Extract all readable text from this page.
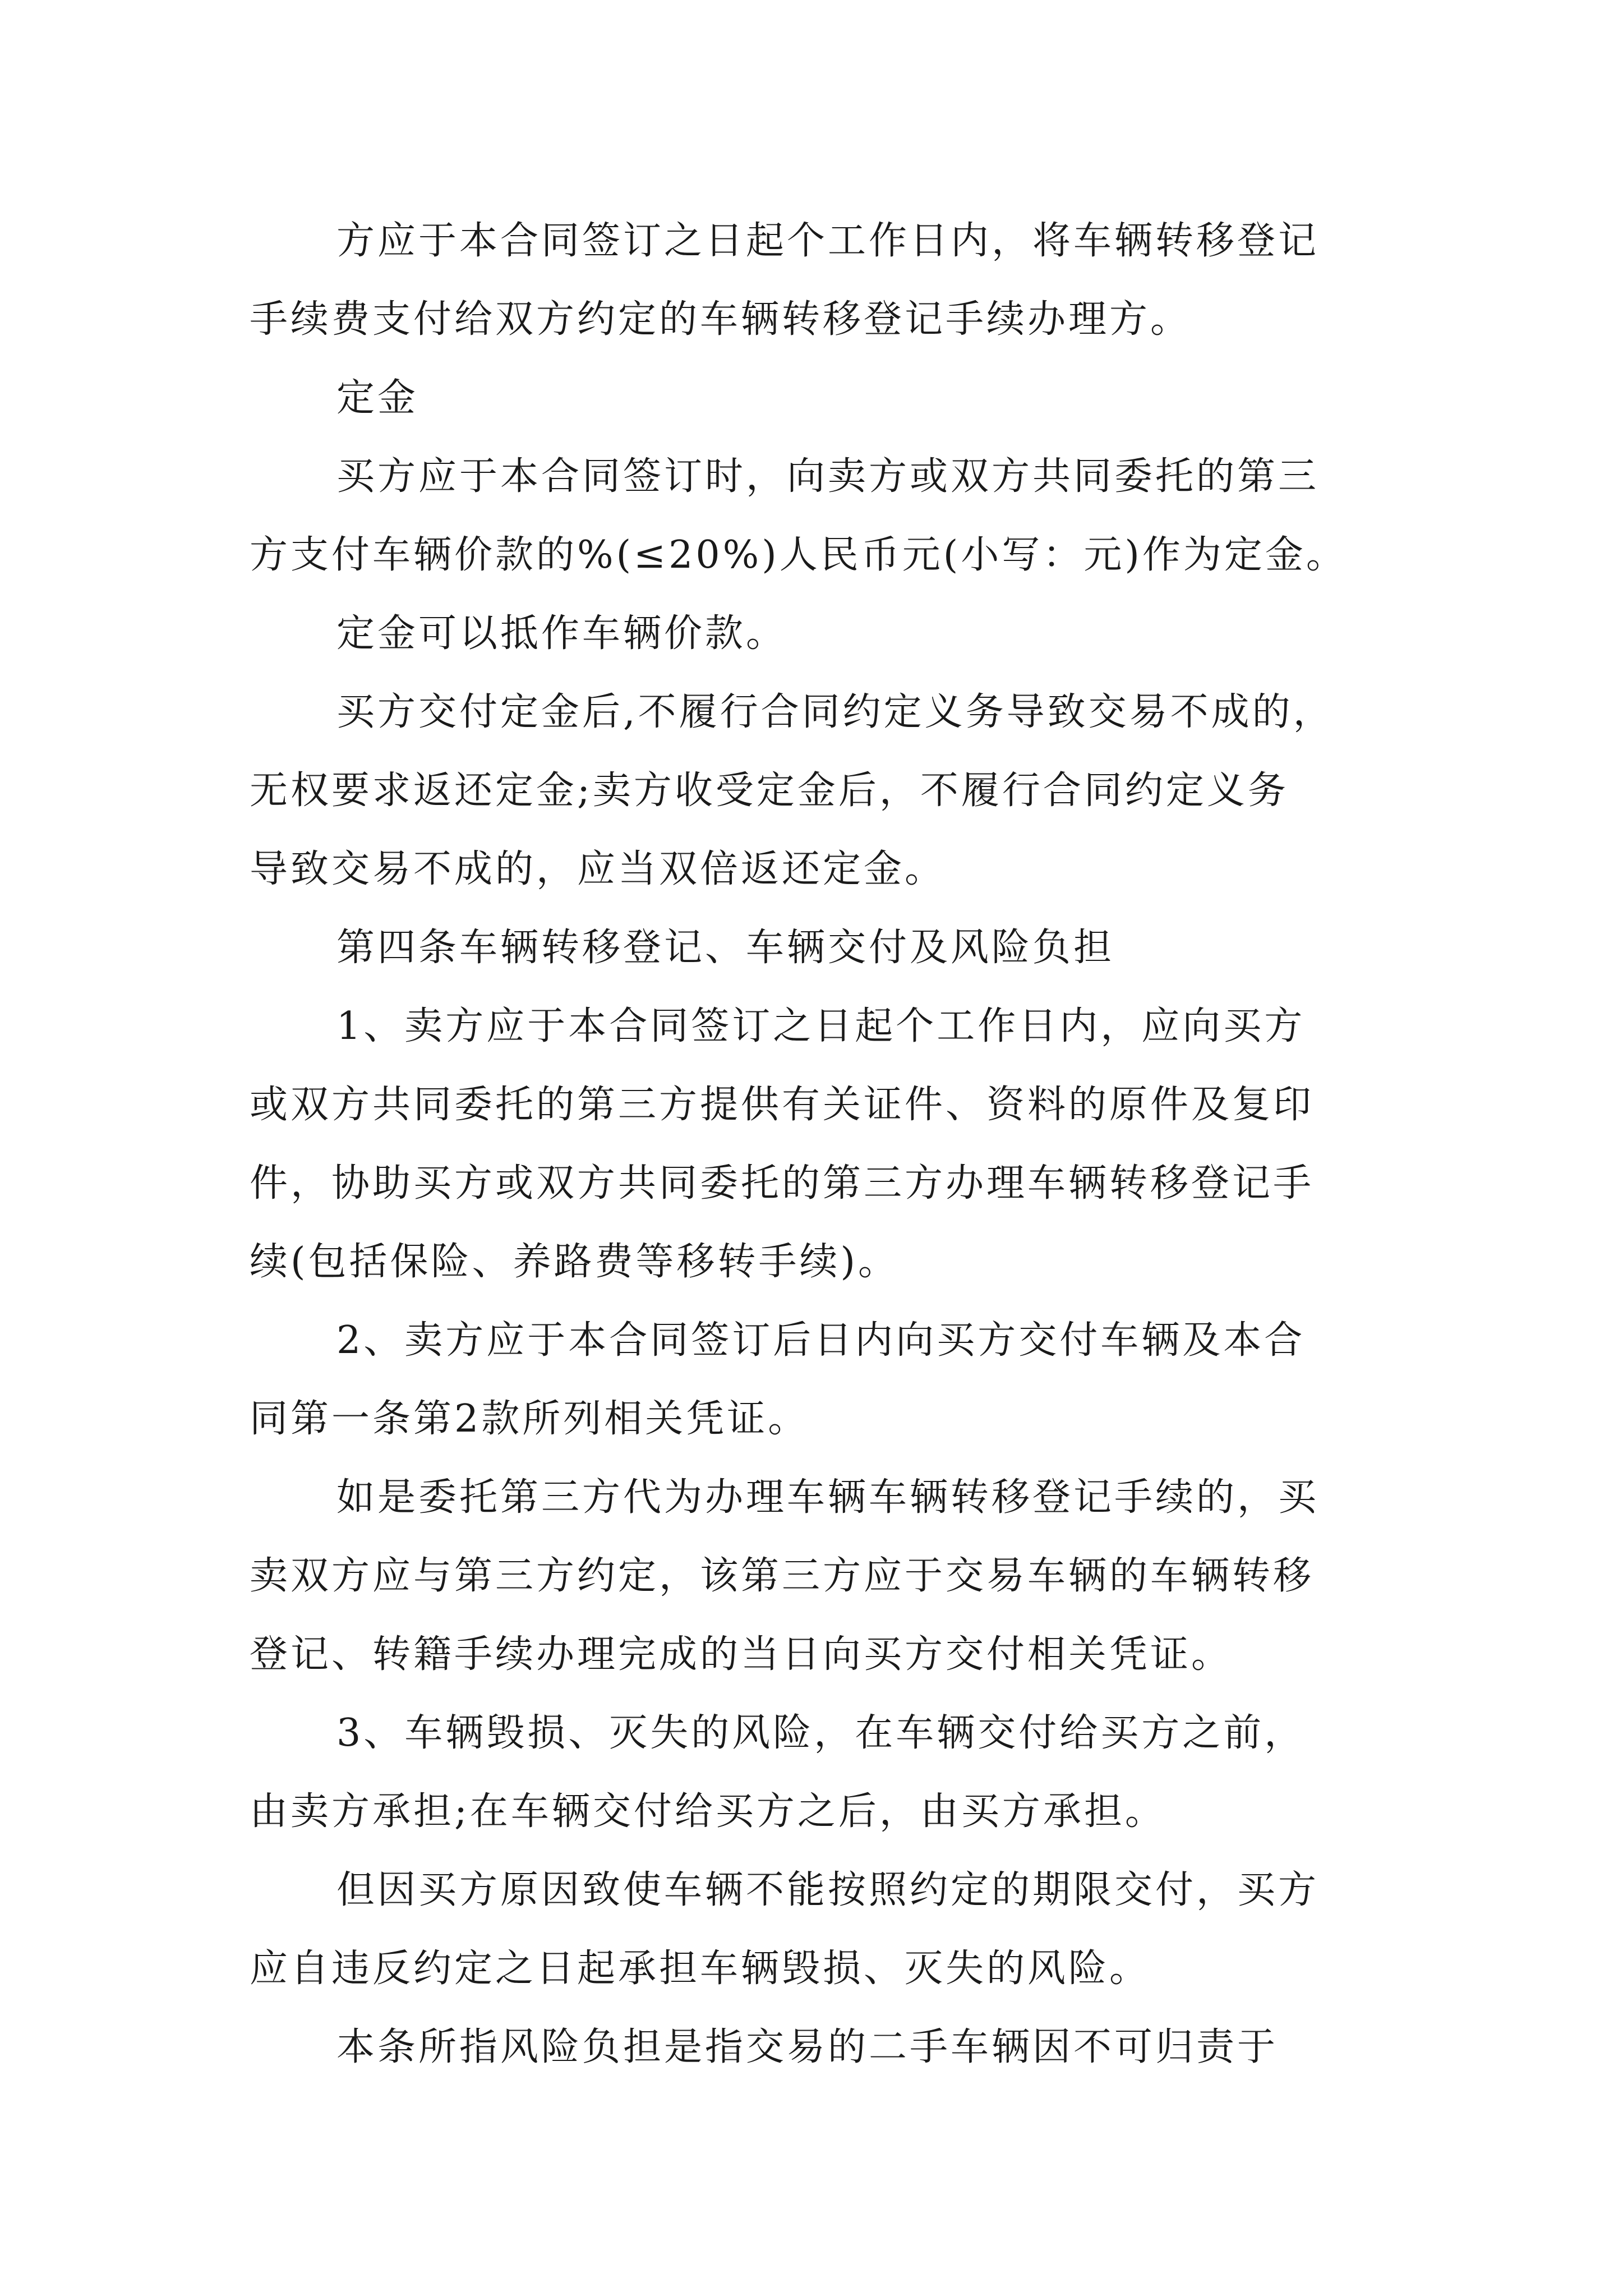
方应于本合同签订之日起个工作日内，将车辆转移登记
手续费支付给双方约定的车辆转移登记手续办理方。
定金
买方应于本合同签订时，向卖方或双方共同委托的第三
方支付车辆价款的%(≤20%)人民币元(小写：元)作为定金。
定金可以抵作车辆价款。
买方交付定金后,不履行合同约定义务导致交易不成的，
无权要求返还定金;卖方收受定金后，不履行合同约定义务
导致交易不成的，应当双倍返还定金。
第四条车辆转移登记、车辆交付及风险负担
1、卖方应于本合同签订之日起个工作日内，应向买方
或双方共同委托的第三方提供有关证件、资料的原件及复印
件，协助买方或双方共同委托的第三方办理车辆转移登记手
续(包括保险、养路费等移转手续)。
2、卖方应于本合同签订后日内向买方交付车辆及本合
同第一条第2款所列相关凭证。
如是委托第三方代为办理车辆车辆转移登记手续的，买
卖双方应与第三方约定，该第三方应于交易车辆的车辆转移
登记、转籍手续办理完成的当日向买方交付相关凭证。
3、车辆毁损、灭失的风险，在车辆交付给买方之前，
由卖方承担;在车辆交付给买方之后，由买方承担。
但因买方原因致使车辆不能按照约定的期限交付，买方
应自违反约定之日起承担车辆毁损、灭失的风险。
本条所指风险负担是指交易的二手车辆因不可归责于
